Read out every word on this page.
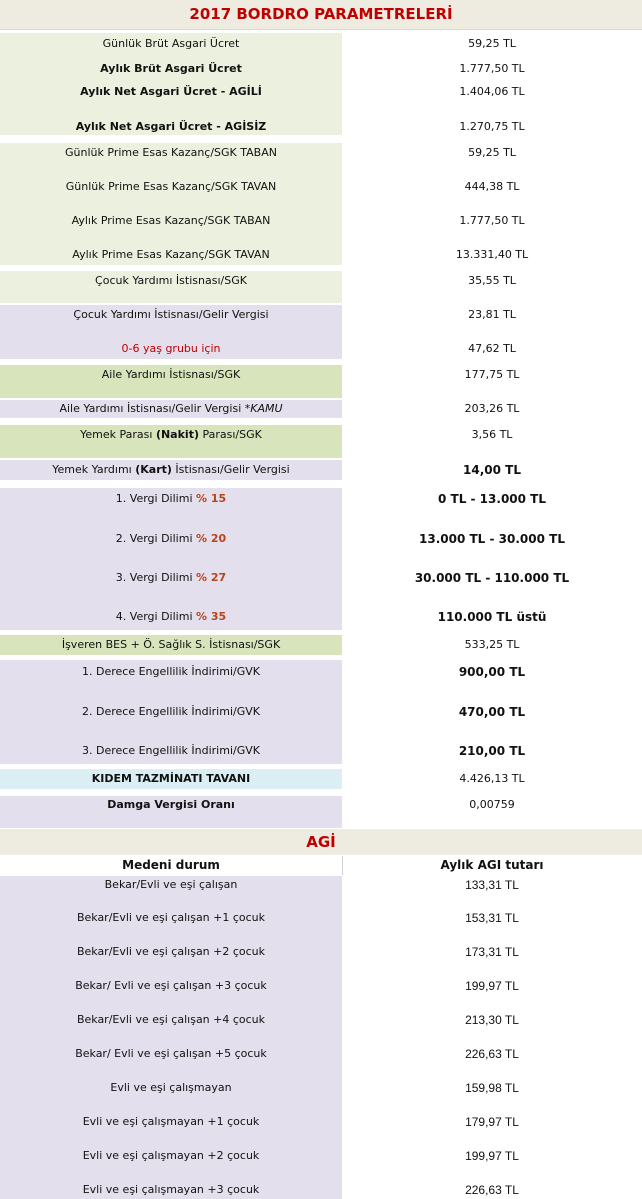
2017 BORDRO PARAMETRELERİ
Günlük Brüt Asgari Ücret	59,25 TL
Aylık Brüt Asgari Ücret	1.777,50 TL
Aylık Net Asgari Ücret - AGİLİ	1.404,06 TL
Aylık Net Asgari Ücret - AGİSİZ	1.270,75 TL
Günlük Prime Esas Kazanç/SGK TABAN	59,25 TL
Günlük Prime Esas Kazanç/SGK TAVAN	444,38 TL
Aylık Prime Esas Kazanç/SGK TABAN	1.777,50 TL
Aylık Prime Esas Kazanç/SGK TAVAN	13.331,40 TL
Çocuk Yardımı İstisnası/SGK	35,55 TL
Çocuk Yardımı İstisnası/Gelir Vergisi	23,81 TL
0-6 yaş grubu için	47,62 TL
Aile Yardımı İstisnası/SGK	177,75 TL
Aile Yardımı İstisnası/Gelir Vergisi *KAMU	203,26 TL
Yemek Parası (Nakit) Parası/SGK	3,56 TL
Yemek Yardımı (Kart) İstisnası/Gelir Vergisi	14,00 TL
1. Vergi Dilimi % 15	0 TL - 13.000 TL
2. Vergi Dilimi % 20	13.000 TL - 30.000 TL
3. Vergi Dilimi % 27	30.000 TL - 110.000 TL
4. Vergi Dilimi % 35	110.000 TL üstü
İşveren BES + Ö. Sağlık S. İstisnası/SGK	533,25 TL
1. Derece Engellilik İndirimi/GVK	900,00 TL
2. Derece Engellilik İndirimi/GVK	470,00 TL
3. Derece Engellilik İndirimi/GVK	210,00 TL
KIDEM TAZMİNATI TAVANI	4.426,13 TL
Damga Vergisi Oranı	0,00759
AGİ
Medeni durum	Aylık AGI tutarı
Bekar/Evli ve eşi çalışan	133,31 TL
Bekar/Evli ve eşi çalışan +1 çocuk	153,31 TL
Bekar/Evli ve eşi çalışan +2 çocuk	173,31 TL
Bekar/ Evli ve eşi çalışan +3 çocuk	199,97 TL
Bekar/Evli ve eşi çalışan +4 çocuk	213,30 TL
Bekar/ Evli ve eşi çalışan +5 çocuk	226,63 TL
Evli ve eşi çalışmayan	159,98 TL
Evli ve eşi çalışmayan +1 çocuk	179,97 TL
Evli ve eşi çalışmayan +2 çocuk	199,97 TL
Evli ve eşi çalışmayan +3 çocuk	226,63 TL
